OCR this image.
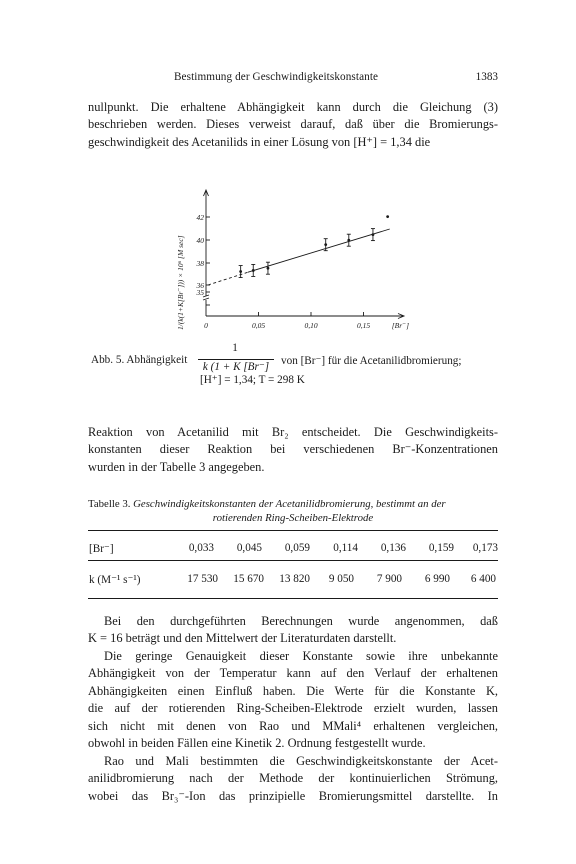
Bestimmung der Geschwindigkeitskonstante	1383
nullpunkt. Die erhaltene Abhängigkeit kann durch die Gleichung (3)
beschrieben werden. Dieses verweist darauf, daß über die Bromierungs-
geschwindigkeit des Acetanilids in einer Lösung von [H⁺] = 1,34 die
1/(k(1+K[Br⁻])) × 10⁶ [M sec] 35
36
38
40
42
0	0,05	0,10	0,15	[Br⁻]
Abb. 5. Abhängigkeit
1
k (1 + K [Br⁻]	von [Br⁻] für die Acetanilidbromierung;
[H⁺] = 1,34; T = 298 K
Reaktion von Acetanilid mit Br₂ entscheidet. Die Geschwindigkeits-
konstanten dieser Reaktion bei verschiedenen Br⁻-Konzentrationen
wurden in der Tabelle 3 angegeben.
Tabelle 3. Geschwindigkeitskonstanten der Acetanilidbromierung, bestimmt an der
rotierenden Ring-Scheiben-Elektrode
[Br⁻]	0,033	0,045	0,059	0,114	0,136	0,159	0,173
k (M⁻¹ s⁻¹)	17 530	15 670	13 820	9 050	7 900	6 990	6 400
Bei den durchgeführten Berechnungen wurde angenommen, daß
K = 16 beträgt und den Mittelwert der Literaturdaten darstellt.
Die geringe Genauigkeit dieser Konstante sowie ihre unbekannte
Abhängigkeit von der Temperatur kann auf den Verlauf der erhaltenen
Abhängigkeiten einen Einfluß haben. Die Werte für die Konstante K,
die auf der rotierenden Ring-Scheiben-Elektrode erzielt wurden, lassen
sich nicht mit denen von Rao und MMali⁴ erhaltenen vergleichen,
obwohl in beiden Fällen eine Kinetik 2. Ordnung festgestellt wurde.
Rao und Mali bestimmten die Geschwindigkeitskonstante der Acet-
anilidbromierung nach der Methode der kontinuierlichen Strömung,
wobei das Br₃⁻-Ion das prinzipielle Bromierungsmittel darstellte. In
